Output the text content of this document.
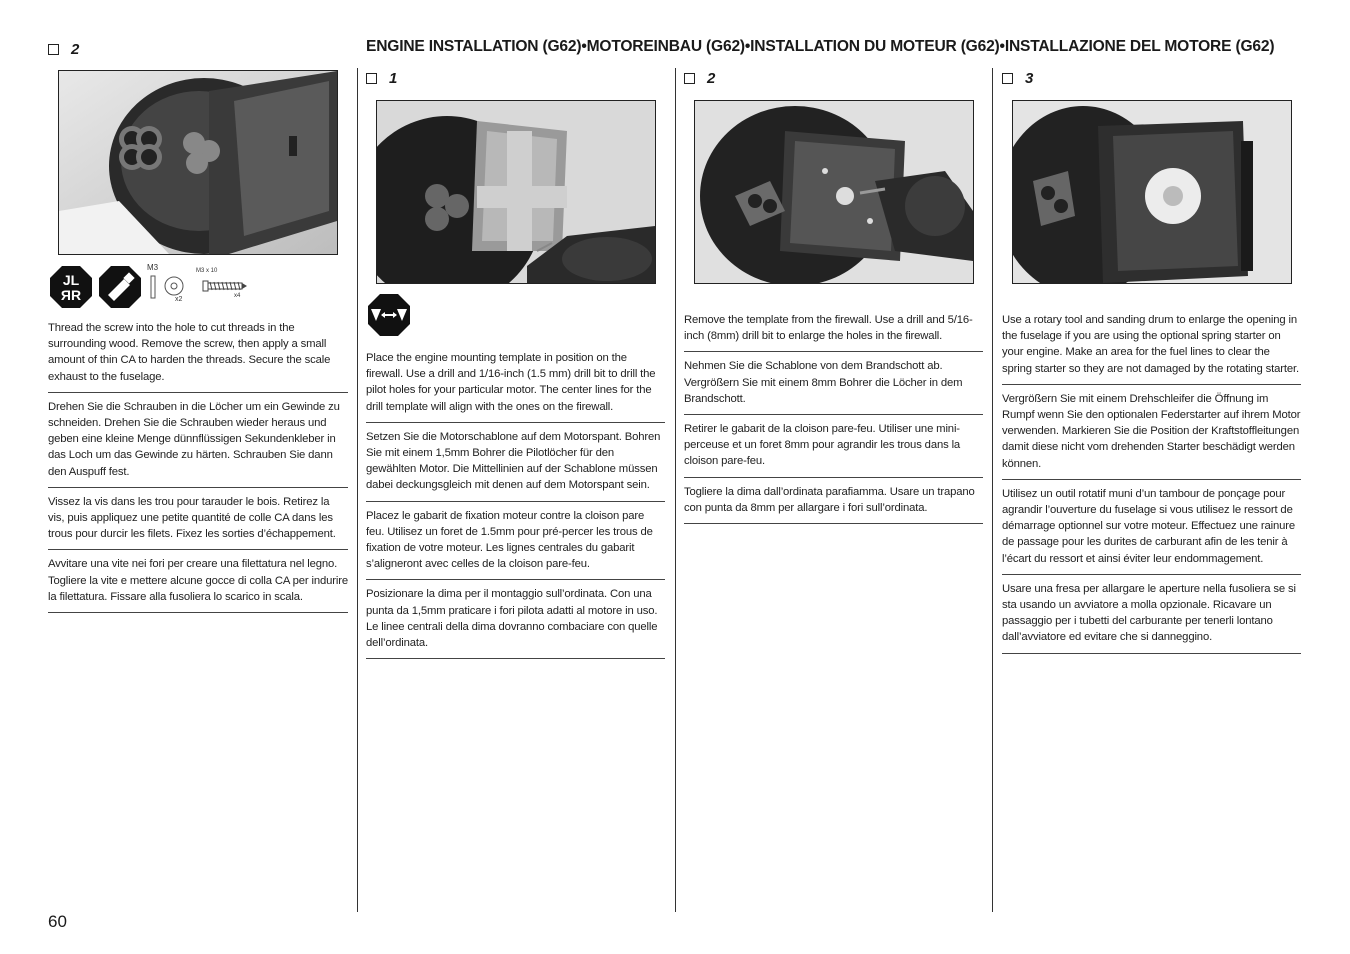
ENGINE INSTALLATION (G62)•MOTOREINBAU (G62)•INSTALLATION DU MOTEUR (G62)•INSTALLAZIONE DEL MOTORE (G62)
2
JL
ЯR
M3
x2
M3 x 10
x4
Thread the screw into the hole to cut threads in the surrounding wood. Remove the screw, then apply a small amount of thin CA to harden the threads. Secure the scale exhaust to the fuselage.
Drehen Sie die Schrauben in die Löcher um ein Gewinde zu schneiden. Drehen Sie die Schrauben wieder heraus und geben eine kleine Menge dünnflüssigen Sekundenkleber in das Loch um das Gewinde zu härten. Schrauben Sie dann den Auspuff fest.
Vissez la vis dans les trou pour tarauder le bois. Retirez la vis, puis appliquez une petite quantité de colle CA dans les trous pour durcir les filets. Fixez les sorties d’échappement.
Avvitare una vite nei fori per creare una filettatura nel legno. Togliere la vite e mettere alcune gocce di colla CA per indurire la filettatura. Fissare alla fusoliera lo scarico in scala.
1
Place the engine mounting template in position on the firewall. Use a drill and 1/16-inch (1.5 mm) drill bit to drill the pilot holes for your particular motor. The center lines for the drill template will align with the ones on the firewall.
Setzen Sie die Motorschablone auf dem Motorspant. Bohren Sie mit einem 1,5mm Bohrer die Pilotlöcher für den gewählten Motor. Die Mittellinien auf der Schablone müssen dabei deckungsgleich mit denen auf dem Motorspant sein.
Placez le gabarit de fixation moteur contre la cloison pare feu. Utilisez un foret de 1.5mm pour pré-percer les trous de fixation de votre moteur. Les lignes centrales du gabarit s’aligneront avec celles de la cloison pare-feu.
Posizionare la dima per il montaggio sull’ordinata. Con una punta da 1,5mm praticare i fori pilota adatti al motore in uso. Le linee centrali della dima dovranno combaciare con quelle dell’ordinata.
2
Remove the template from the firewall. Use a drill and 5/16-inch (8mm) drill bit to enlarge the holes in the firewall.
Nehmen Sie die Schablone von dem Brandschott ab. Vergrößern Sie mit einem 8mm Bohrer die Löcher in dem Brandschott.
Retirer le gabarit de la cloison pare-feu. Utiliser une mini-perceuse et un foret 8mm pour agrandir les trous dans la cloison pare-feu.
Togliere la dima dall’ordinata parafiamma. Usare un trapano con punta da 8mm per allargare i fori sull’ordinata.
3
Use a rotary tool and sanding drum to enlarge the opening in the fuselage if you are using the optional spring starter on your engine. Make an area for the fuel lines to clear the spring starter so they are not damaged by the rotating starter.
Vergrößern Sie mit einem Drehschleifer die Öffnung im Rumpf wenn Sie den optionalen Federstarter auf ihrem Motor verwenden. Markieren Sie die Position der Kraftstoffleitungen damit diese nicht vom drehenden Starter beschädigt werden können.
Utilisez un outil rotatif muni d’un tambour de ponçage pour agrandir l’ouverture du fuselage si vous utilisez le ressort de démarrage optionnel sur votre moteur. Effectuez une rainure de passage pour les durites de carburant afin de les tenir à l’écart du ressort et ainsi éviter leur endommagement.
Usare una fresa per allargare le aperture nella fusoliera se si sta usando un avviatore a molla opzionale. Ricavare un passaggio per i tubetti del carburante per tenerli lontano dall’avviatore ed evitare che si danneggino.
60
